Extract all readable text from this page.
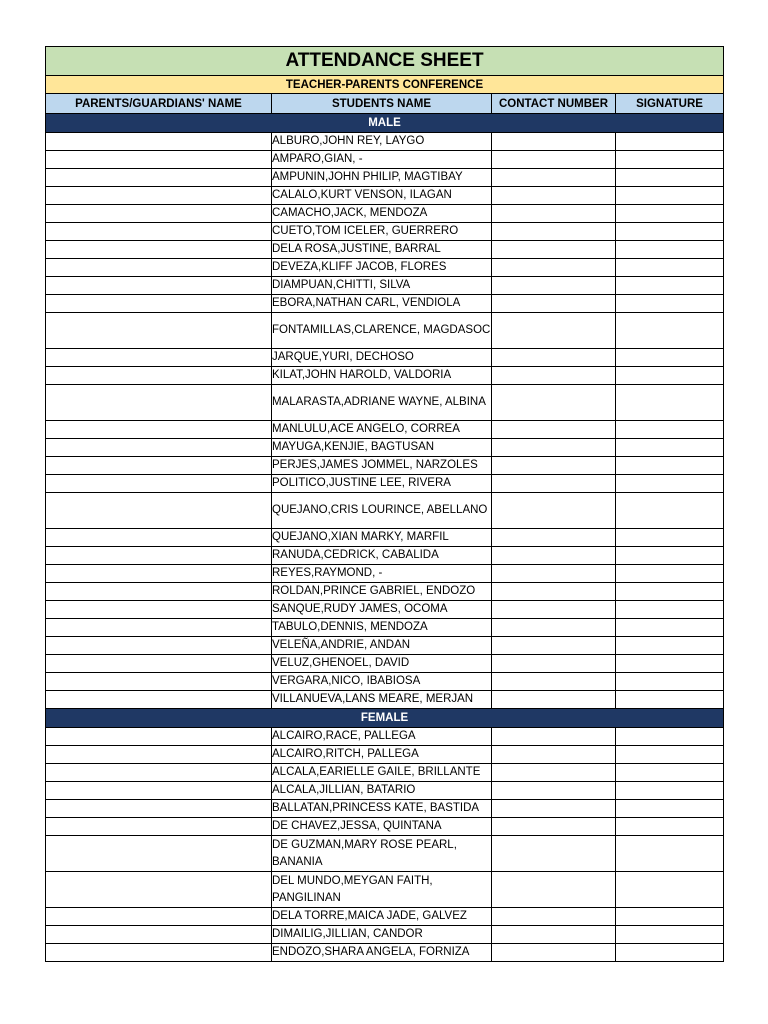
ATTENDANCE SHEET			
TEACHER-PARENTS CONFERENCE			
PARENTS/GUARDIANS' NAME	STUDENTS NAME	CONTACT NUMBER	SIGNATURE
MALE			
	ALBURO,JOHN REY, LAYGO		
	AMPARO,GIAN, -		
	AMPUNIN,JOHN PHILIP, MAGTIBAY		
	CALALO,KURT VENSON, ILAGAN		
	CAMACHO,JACK, MENDOZA		
	CUETO,TOM ICELER, GUERRERO		
	DELA ROSA,JUSTINE, BARRAL		
	DEVEZA,KLIFF JACOB, FLORES		
	DIAMPUAN,CHITTI, SILVA		
	EBORA,NATHAN CARL, VENDIOLA		
	FONTAMILLAS,CLARENCE, MAGDASOC		
	JARQUE,YURI, DECHOSO		
	KILAT,JOHN HAROLD, VALDORIA		
	MALARASTA,ADRIANE WAYNE, ALBINA		
	MANLULU,ACE ANGELO, CORREA		
	MAYUGA,KENJIE, BAGTUSAN		
	PERJES,JAMES JOMMEL, NARZOLES		
	POLITICO,JUSTINE LEE, RIVERA		
	QUEJANO,CRIS LOURINCE, ABELLANO		
	QUEJANO,XIAN MARKY, MARFIL		
	RANUDA,CEDRICK, CABALIDA		
	REYES,RAYMOND, -		
	ROLDAN,PRINCE GABRIEL, ENDOZO		
	SANQUE,RUDY JAMES, OCOMA		
	TABULO,DENNIS, MENDOZA		
	VELEÑA,ANDRIE, ANDAN		
	VELUZ,GHENOEL, DAVID		
	VERGARA,NICO, IBABIOSA		
	VILLANUEVA,LANS MEARE, MERJAN		
FEMALE			
	ALCAIRO,RACE, PALLEGA		
	ALCAIRO,RITCH, PALLEGA		
	ALCALA,EARIELLE GAILE, BRILLANTE		
	ALCALA,JILLIAN, BATARIO		
	BALLATAN,PRINCESS KATE, BASTIDA		
	DE CHAVEZ,JESSA, QUINTANA		
	DE GUZMAN,MARY ROSE PEARL, BANANIA		
	DEL MUNDO,MEYGAN FAITH, PANGILINAN		
	DELA TORRE,MAICA JADE, GALVEZ		
	DIMAILIG,JILLIAN, CANDOR		
	ENDOZO,SHARA ANGELA, FORNIZA		
